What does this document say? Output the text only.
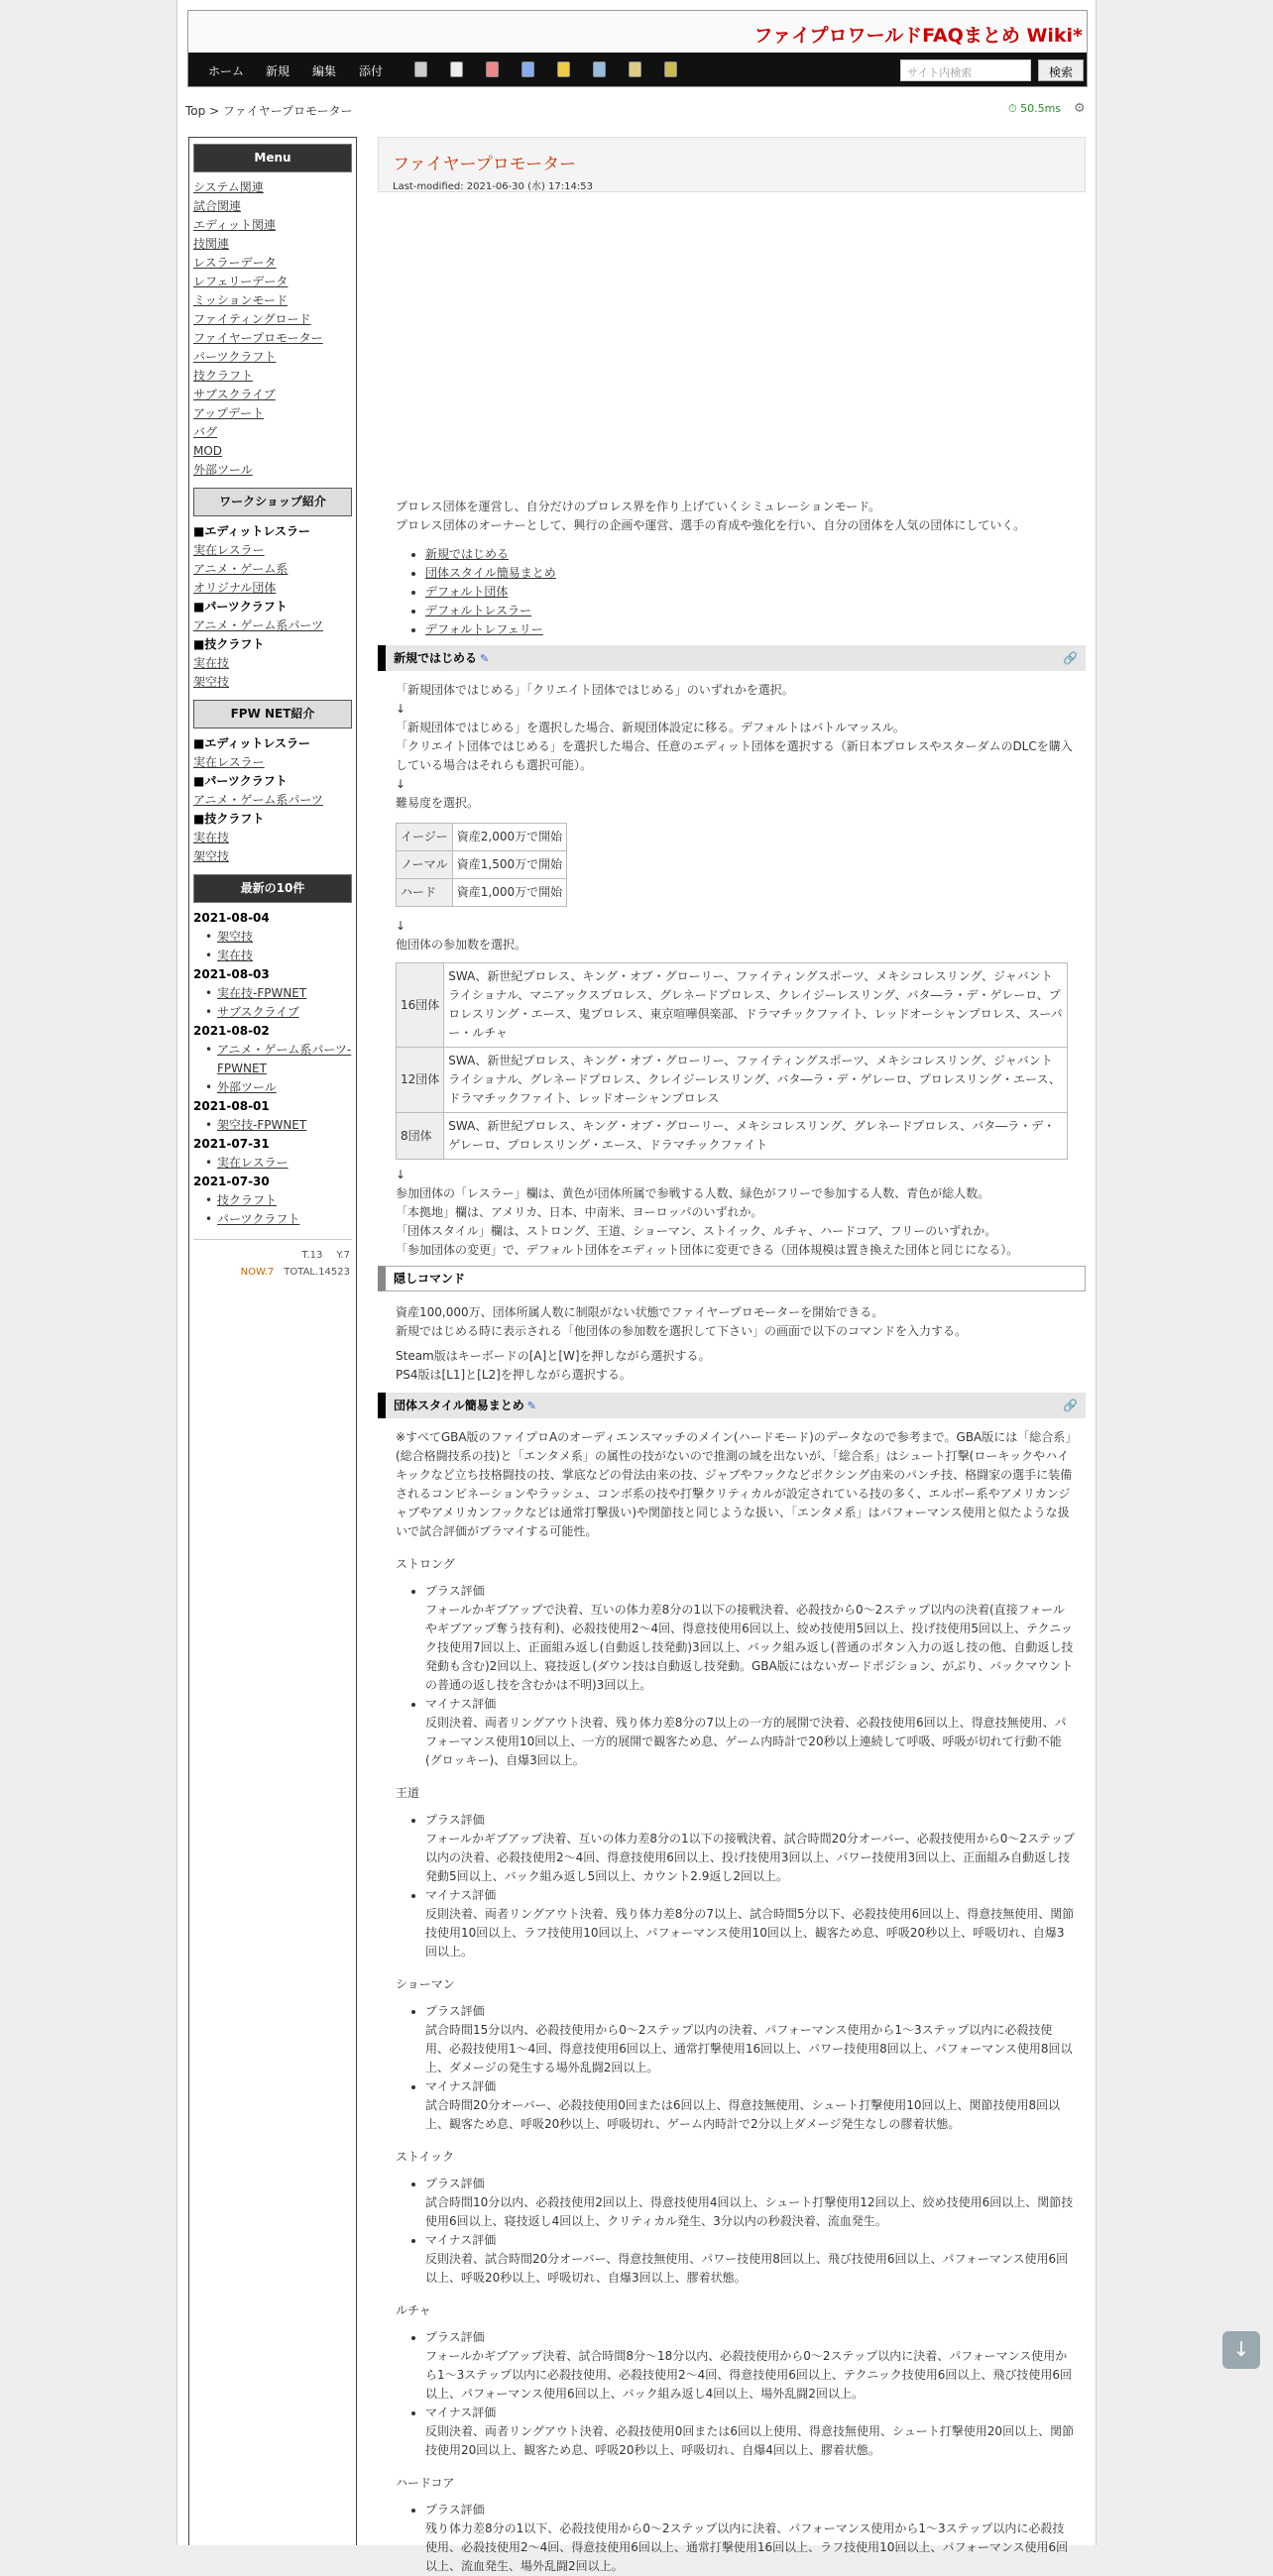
ファイプロワールドFAQまとめ Wiki*
ホーム 新規 編集 添付	サイト内検索	検索
Top > ファイヤープロモーター	⏱ 50.5ms ⚙
Menu
システム関連
試合関連
エディット関連
技関連
レスラーデータ
レフェリーデータ
ミッションモード
ファイティングロード
ファイヤープロモーター
パーツクラフト
技クラフト
サブスクライブ
アップデート
バグ
MOD
外部ツール
ワークショップ紹介
■エディットレスラー
実在レスラー
アニメ・ゲーム系
オリジナル団体
■パーツクラフト
アニメ・ゲーム系パーツ
■技クラフト
実在技
架空技
FPW NET紹介
■エディットレスラー
実在レスラー
■パーツクラフト
アニメ・ゲーム系パーツ
■技クラフト
実在技
架空技
最新の10件
2021-08-04
• 架空技
• 実在技
2021-08-03
• 実在技-FPWNET
• サブスクライブ
2021-08-02
• アニメ・ゲーム系パーツ-FPWNET
• 外部ツール
2021-08-01
• 架空技-FPWNET
2021-07-31
• 実在レスラー
2021-07-30
• 技クラフト
• パーツクラフト
T.13 Y.7
NOW.7 TOTAL.14523
ファイヤープロモーター
Last-modified: 2021-06-30 (水) 17:14:53

プロレス団体を運営し、自分だけのプロレス界を作り上げていくシミュレーションモード。

プロレス団体のオーナーとして、興行の企画や運営、選手の育成や強化を行い、自分の団体を人気の団体にしていく。

• 新規ではじめる
• 団体スタイル簡易まとめ
• デフォルト団体
• デフォルトレスラー
• デフォルトレフェリー
新規ではじめる ✎	🔗

「新規団体ではじめる」「クリエイト団体ではじめる」のいずれかを選択。

↓

「新規団体ではじめる」を選択した場合、新規団体設定に移る。デフォルトはバトルマッスル。

「クリエイト団体ではじめる」を選択した場合、任意のエディット団体を選択する（新日本プロレスやスターダムのDLCを購入している場合はそれらも選択可能）。

↓

難易度を選択。

イージー	資産2,000万で開始
ノーマル	資産1,500万で開始
ハード	資産1,000万で開始

↓

他団体の参加数を選択。

16団体	SWA、新世紀プロレス、キング・オブ・グローリー、ファイティングスポーツ、メキシコレスリング、ジャバントライショナル、マニアックスプロレス、グレネードプロレス、クレイジーレスリング、バタ―ラ・デ・ゲレーロ、プロレスリング・エース、鬼プロレス、東京喧嘩倶楽部、ドラマチックファイト、レッドオーシャンプロレス、スーパー・ルチャ
12団体	SWA、新世紀プロレス、キング・オブ・グローリー、ファイティングスポーツ、メキシコレスリング、ジャバントライショナル、グレネードプロレス、クレイジーレスリング、バタ―ラ・デ・ゲレーロ、プロレスリング・エース、ドラマチックファイト、レッドオーシャンプロレス
8団体	SWA、新世紀プロレス、キング・オブ・グローリー、メキシコレスリング、グレネードプロレス、バタ―ラ・デ・ゲレーロ、プロレスリング・エース、ドラマチックファイト

↓

参加団体の「レスラー」欄は、黄色が団体所属で参戦する人数、緑色がフリーで参加する人数、青色が総人数。

「本拠地」欄は、アメリカ、日本、中南米、ヨーロッパのいずれか。

「団体スタイル」欄は、ストロング、王道、ショーマン、ストイック、ルチャ、ハードコア、フリーのいずれか。

「参加団体の変更」で、デフォルト団体をエディット団体に変更できる（団体規模は置き換えた団体と同じになる）。

隠しコマンド

資産100,000万、団体所属人数に制限がない状態でファイヤープロモーターを開始できる。

新規ではじめる時に表示される「他団体の参加数を選択して下さい」の画面で以下のコマンドを入力する。

Steam版はキーボードの[A]と[W]を押しながら選択する。

PS4版は[L1]と[L2]を押しながら選択する。

団体スタイル簡易まとめ ✎	🔗

※すべてGBA版のファイプロAのオーディエンスマッチのメイン(ハードモード)のデータなので参考まで。GBA版には「総合系」(総合格闘技系の技)と「エンタメ系」の属性の技がないので推測の域を出ないが、「総合系」はシュート打撃(ローキックやハイキックなど立ち技格闘技の技、掌底などの骨法由来の技、ジャブやフックなどボクシング由来のパンチ技、格闘家の選手に装備されるコンビネーションやラッシュ、コンボ系の技や打撃クリティカルが設定されている技の多く、エルボー系やアメリカンジャブやアメリカンフックなどは通常打撃扱い)や関節技と同じような扱い、「エンタメ系」はパフォーマンス使用と似たような扱いで試合評価がプラマイする可能性。

ストロング

• プラス評価
フォールかギブアップで決着、互いの体力差8分の1以下の接戦決着、必殺技から0～2ステップ以内の決着(直接フォールやギブアップ奪う技有利)、必殺技使用2～4回、得意技使用6回以上、絞め技使用5回以上、投げ技使用5回以上、テクニック技使用7回以上、正面組み返し(自動返し技発動)3回以上、バック組み返し(普通のボタン入力の返し技の他、自動返し技発動も含む)2回以上、寝技返し(ダウン技は自動返し技発動。GBA版にはないガードポジション、がぶり、バックマウントの普通の返し技を含むかは不明)3回以上。
• マイナス評価
反則決着、両者リングアウト決着、残り体力差8分の7以上の一方的展開で決着、必殺技使用6回以上、得意技無使用、パフォーマンス使用10回以上、一方的展開で観客ため息、ゲーム内時計で20秒以上連続して呼吸、呼吸が切れて行動不能(グロッキー)、自爆3回以上。

王道

• プラス評価
フォールかギブアップ決着、互いの体力差8分の1以下の接戦決着、試合時間20分オーバー、必殺技使用から0～2ステップ以内の決着、必殺技使用2～4回、得意技使用6回以上、投げ技使用3回以上、パワー技使用3回以上、正面組み自動返し技発動5回以上、バック組み返し5回以上、カウント2.9返し2回以上。
• マイナス評価
反則決着、両者リングアウト決着、残り体力差8分の7以上、試合時間5分以下、必殺技使用6回以上、得意技無使用、関節技使用10回以上、ラフ技使用10回以上、パフォーマンス使用10回以上、観客ため息、呼吸20秒以上、呼吸切れ、自爆3回以上。

ショーマン

• プラス評価
試合時間15分以内、必殺技使用から0～2ステップ以内の決着、パフォーマンス使用から1～3ステップ以内に必殺技使用、必殺技使用1～4回、得意技使用6回以上、通常打撃使用16回以上、パワー技使用8回以上、パフォーマンス使用8回以上、ダメージの発生する場外乱闘2回以上。
• マイナス評価
試合時間20分オーバー、必殺技使用0回または6回以上、得意技無使用、シュート打撃使用10回以上、関節技使用8回以上、観客ため息、呼吸20秒以上、呼吸切れ、ゲーム内時計で2分以上ダメージ発生なしの膠着状態。

ストイック

• プラス評価
試合時間10分以内、必殺技使用2回以上、得意技使用4回以上、シュート打撃使用12回以上、絞め技使用6回以上、関節技使用6回以上、寝技返し4回以上、クリティカル発生、3分以内の秒殺決着、流血発生。
• マイナス評価
反則決着、試合時間20分オーバー、得意技無使用、パワー技使用8回以上、飛び技使用6回以上、パフォーマンス使用6回以上、呼吸20秒以上、呼吸切れ、自爆3回以上、膠着状態。

ルチャ

• プラス評価
フォールかギブアップ決着、試合時間8分～18分以内、必殺技使用から0～2ステップ以内に決着、パフォーマンス使用から1～3ステップ以内に必殺技使用、必殺技使用2～4回、得意技使用6回以上、テクニック技使用6回以上、飛び技使用6回以上、パフォーマンス使用6回以上、バック組み返し4回以上、場外乱闘2回以上。
• マイナス評価
反則決着、両者リングアウト決着、必殺技使用0回または6回以上使用、得意技無使用、シュート打撃使用20回以上、関節技使用20回以上、観客ため息、呼吸20秒以上、呼吸切れ、自爆4回以上、膠着状態。

ハードコア

• プラス評価
残り体力差8分の1以下、必殺技使用から0～2ステップ以内に決着、パフォーマンス使用から1～3ステップ以内に必殺技使用、必殺技使用2～4回、得意技使用6回以上、通常打撃使用16回以上、ラフ技使用10回以上、パフォーマンス使用6回以上、流血発生、場外乱闘2回以上。
↓
